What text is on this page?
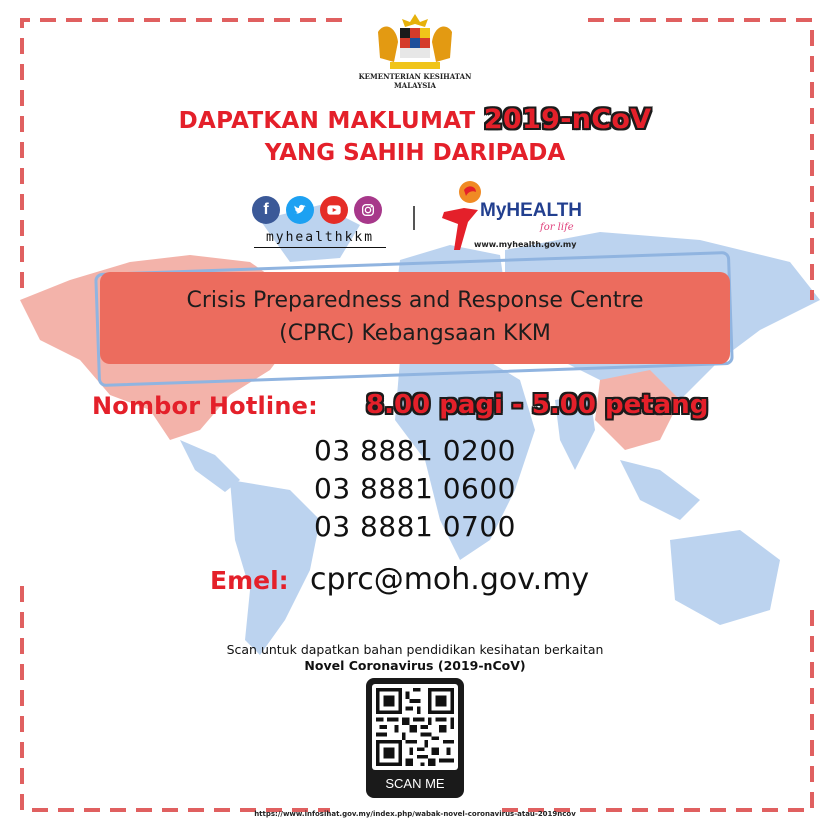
KEMENTERIAN KESIHATAN
MALAYSIA
DAPATKAN MAKLUMAT 2019-nCoV
YANG SAHIH DARIPADA
f
myhealthkkm
MyHEALTH
for life
www.myhealth.gov.my
Crisis Preparedness and Response Centre
(CPRC) Kebangsaan KKM
Nombor Hotline: 8.00 pagi - 5.00 petang
03 8881 0200
03 8881 0600
03 8881 0700
Emel: cprc@moh.gov.my
Scan untuk dapatkan bahan pendidikan kesihatan berkaitan
Novel Coronavirus (2019-nCoV)
SCAN ME
https://www.infosihat.gov.my/index.php/wabak-novel-coronavirus-atau-2019ncov
